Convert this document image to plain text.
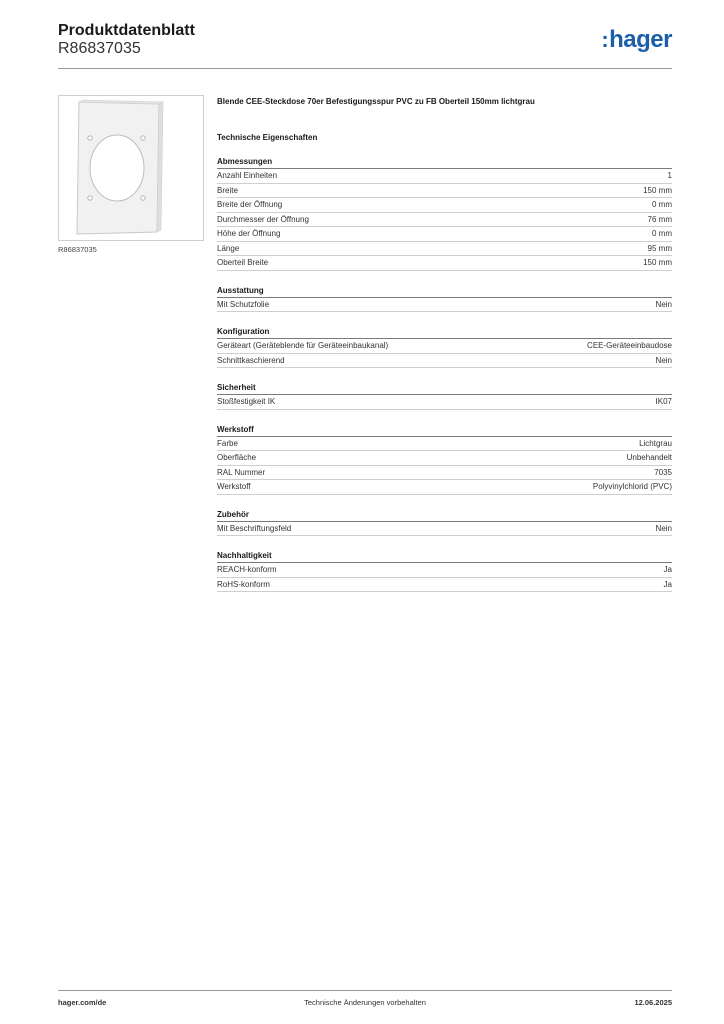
Produktdatenblatt
R86837035	:hager
R86837035
Blende CEE-Steckdose 70er Befestigungsspur PVC zu FB Oberteil 150mm lichtgrau
Technische Eigenschaften
Abmessungen
Anzahl Einheiten	1
Breite	150 mm
Breite der Öffnung	0 mm
Durchmesser der Öffnung	76 mm
Höhe der Öffnung	0 mm
Länge	95 mm
Oberteil Breite	150 mm
Ausstattung
Mit Schutzfolie	Nein
Konfiguration
Geräteart (Geräteblende für Geräteeinbaukanal)	CEE-Geräteeinbaudose
Schnittkaschierend	Nein
Sicherheit
Stoßfestigkeit IK	IK07
Werkstoff
Farbe	Lichtgrau
Oberfläche	Unbehandelt
RAL Nummer	7035
Werkstoff	Polyvinylchlorid (PVC)
Zubehör
Mit Beschriftungsfeld	Nein
Nachhaltigkeit
REACH-konform	Ja
RoHS-konform	Ja
hager.com/de	Technische Änderungen vorbehalten	12.06.2025
